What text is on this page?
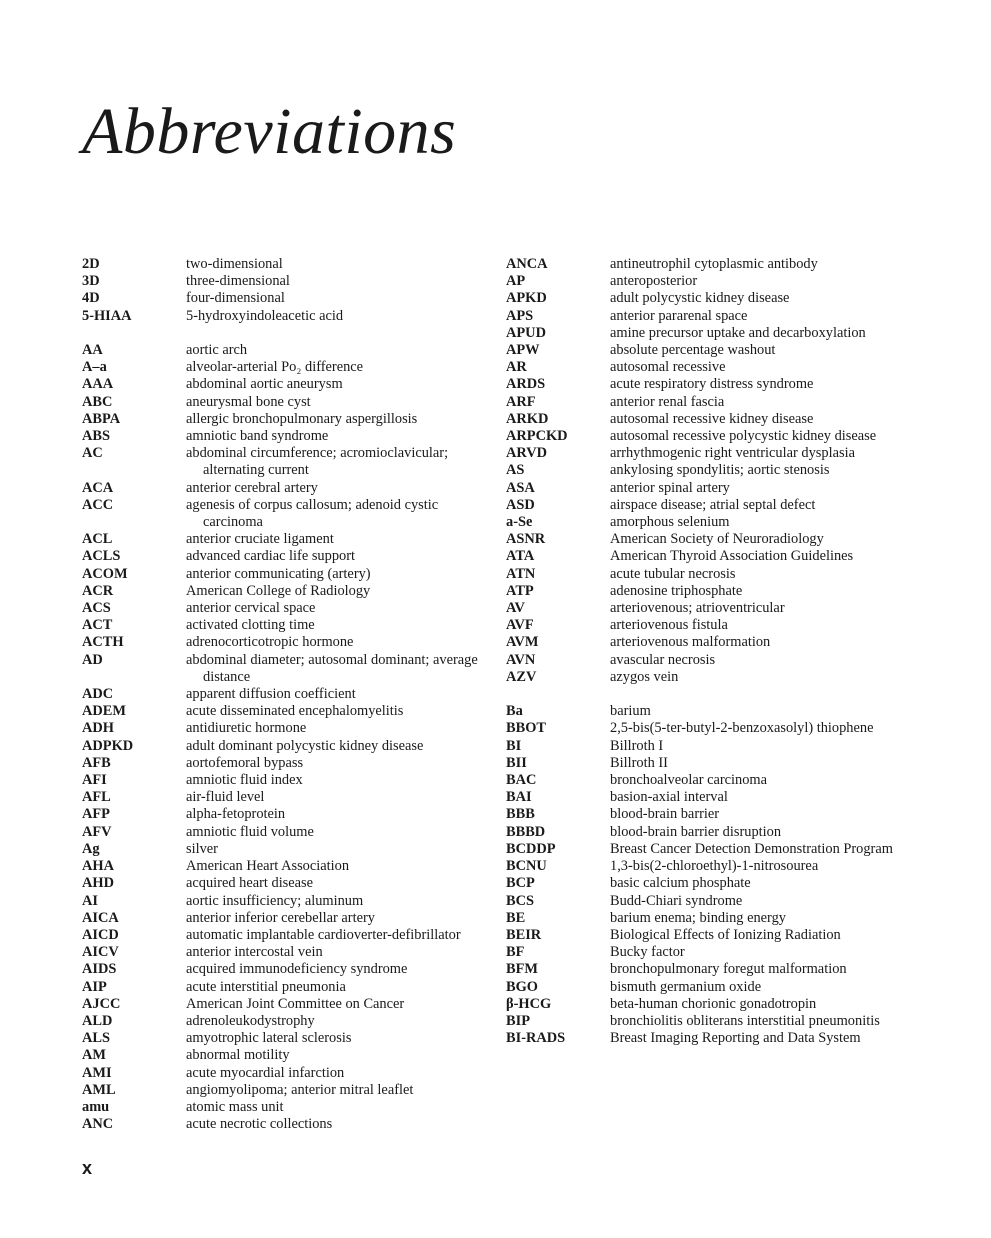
Abbreviations
2D	two-dimensional
3D	three-dimensional
4D	four-dimensional
5-HIAA	5-hydroxyindoleacetic acid
AA	aortic arch
A–a	alveolar-arterial Po₂ difference
AAA	abdominal aortic aneurysm
ABC	aneurysmal bone cyst
ABPA	allergic bronchopulmonary aspergillosis
ABS	amniotic band syndrome
AC	abdominal circumference; acromioclavicular; alternating current
ACA	anterior cerebral artery
ACC	agenesis of corpus callosum; adenoid cystic carcinoma
ACL	anterior cruciate ligament
ACLS	advanced cardiac life support
ACOM	anterior communicating (artery)
ACR	American College of Radiology
ACS	anterior cervical space
ACT	activated clotting time
ACTH	adrenocorticotropic hormone
AD	abdominal diameter; autosomal dominant; average distance
ADC	apparent diffusion coefficient
ADEM	acute disseminated encephalomyelitis
ADH	antidiuretic hormone
ADPKD	adult dominant polycystic kidney disease
AFB	aortofemoral bypass
AFI	amniotic fluid index
AFL	air-fluid level
AFP	alpha-fetoprotein
AFV	amniotic fluid volume
Ag	silver
AHA	American Heart Association
AHD	acquired heart disease
AI	aortic insufficiency; aluminum
AICA	anterior inferior cerebellar artery
AICD	automatic implantable cardioverter-defibrillator
AICV	anterior intercostal vein
AIDS	acquired immunodeficiency syndrome
AIP	acute interstitial pneumonia
AJCC	American Joint Committee on Cancer
ALD	adrenoleukodystrophy
ALS	amyotrophic lateral sclerosis
AM	abnormal motility
AMI	acute myocardial infarction
AML	angiomyolipoma; anterior mitral leaflet
amu	atomic mass unit
ANC	acute necrotic collections
ANCA	antineutrophil cytoplasmic antibody
AP	anteroposterior
APKD	adult polycystic kidney disease
APS	anterior pararenal space
APUD	amine precursor uptake and decarboxylation
APW	absolute percentage washout
AR	autosomal recessive
ARDS	acute respiratory distress syndrome
ARF	anterior renal fascia
ARKD	autosomal recessive kidney disease
ARPCKD	autosomal recessive polycystic kidney disease
ARVD	arrhythmogenic right ventricular dysplasia
AS	ankylosing spondylitis; aortic stenosis
ASA	anterior spinal artery
ASD	airspace disease; atrial septal defect
a-Se	amorphous selenium
ASNR	American Society of Neuroradiology
ATA	American Thyroid Association Guidelines
ATN	acute tubular necrosis
ATP	adenosine triphosphate
AV	arteriovenous; atrioventricular
AVF	arteriovenous fistula
AVM	arteriovenous malformation
AVN	avascular necrosis
AZV	azygos vein
Ba	barium
BBOT	2,5-bis(5-ter-butyl-2-benzoxasolyl) thiophene
BI	Billroth I
BII	Billroth II
BAC	bronchoalveolar carcinoma
BAI	basion-axial interval
BBB	blood-brain barrier
BBBD	blood-brain barrier disruption
BCDDP	Breast Cancer Detection Demonstration Program
BCNU	1,3-bis(2-chloroethyl)-1-nitrosourea
BCP	basic calcium phosphate
BCS	Budd-Chiari syndrome
BE	barium enema; binding energy
BEIR	Biological Effects of Ionizing Radiation
BF	Bucky factor
BFM	bronchopulmonary foregut malformation
BGO	bismuth germanium oxide
β-HCG	beta-human chorionic gonadotropin
BIP	bronchiolitis obliterans interstitial pneumonitis
BI-RADS	Breast Imaging Reporting and Data System
x
